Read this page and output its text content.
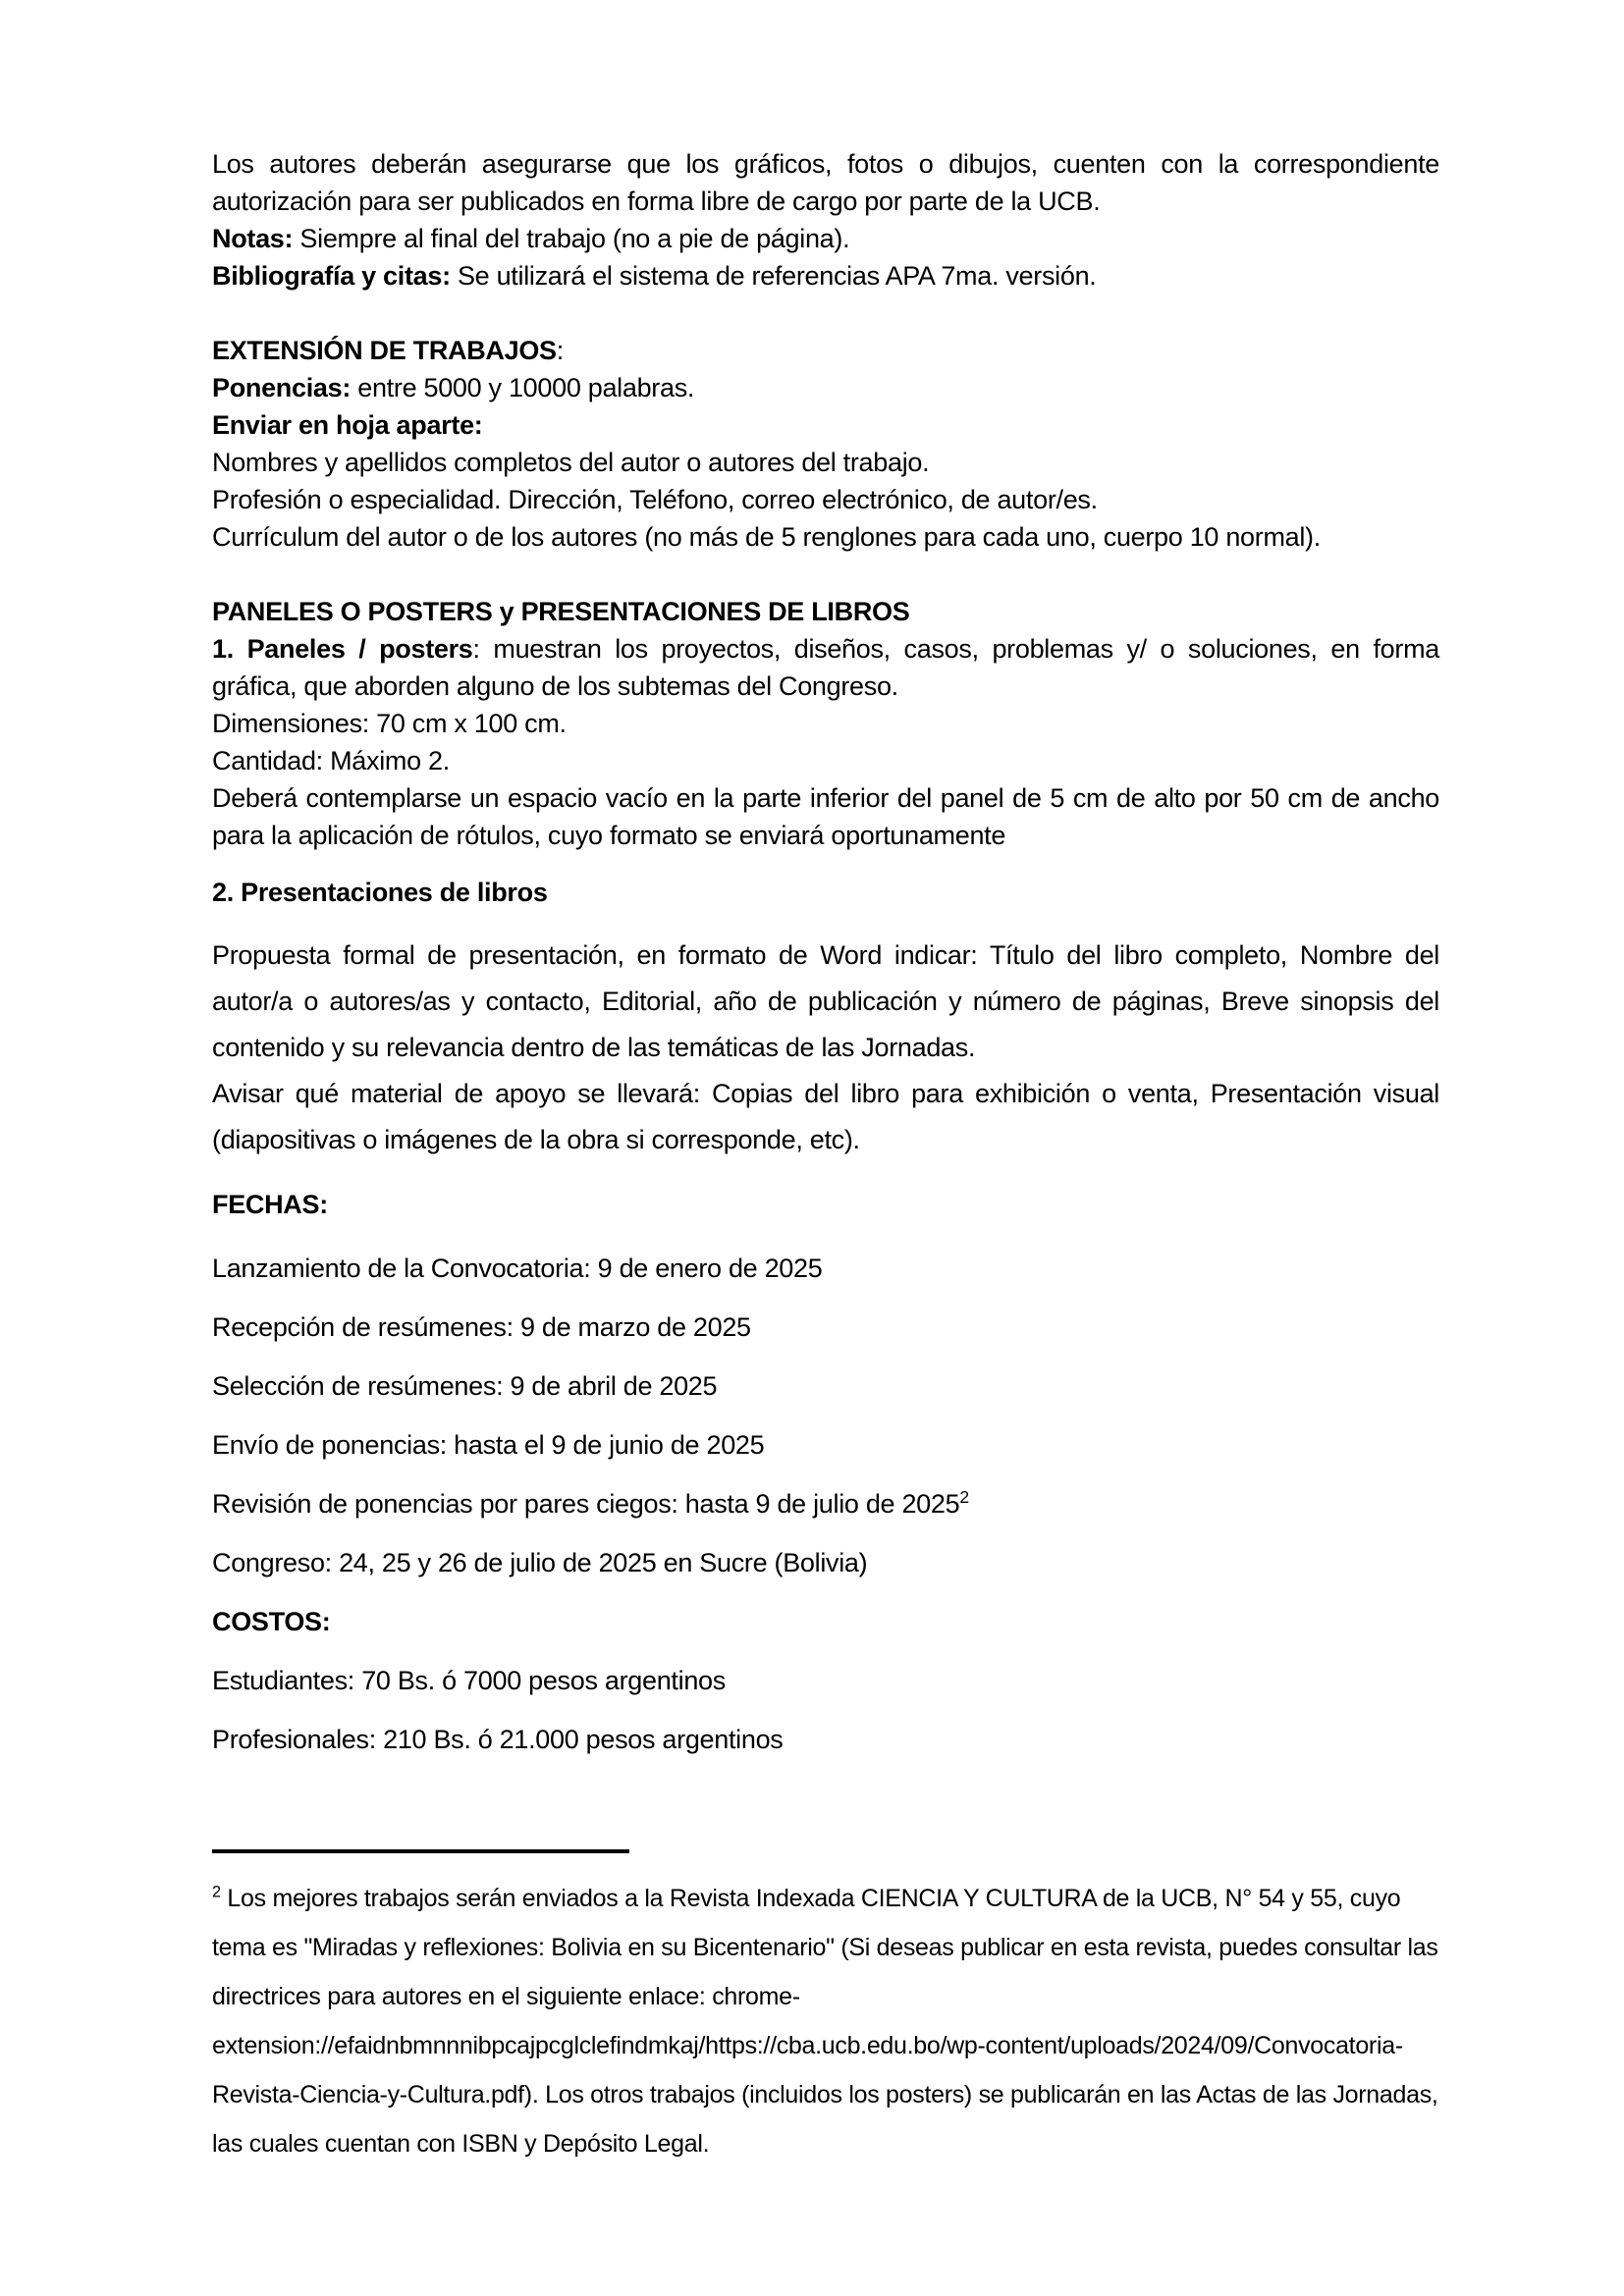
Los autores deberán asegurarse que los gráficos, fotos o dibujos, cuenten con la correspondiente autorización para ser publicados en forma libre de cargo por parte de la UCB.
Notas: Siempre al final del trabajo (no a pie de página).
Bibliografía y citas: Se utilizará el sistema de referencias APA 7ma. versión.
EXTENSIÓN DE TRABAJOS:
Ponencias: entre 5000 y 10000 palabras.
Enviar en hoja aparte:
Nombres y apellidos completos del autor o autores del trabajo.
Profesión o especialidad. Dirección, Teléfono, correo electrónico, de autor/es.
Currículum del autor o de los autores (no más de 5 renglones para cada uno, cuerpo 10 normal).
PANELES O POSTERS y PRESENTACIONES DE LIBROS
1. Paneles / posters: muestran los proyectos, diseños, casos, problemas y/ o soluciones, en forma gráfica, que aborden alguno de los subtemas del Congreso.
Dimensiones: 70 cm x 100 cm.
Cantidad: Máximo 2.
Deberá contemplarse un espacio vacío en la parte inferior del panel de 5 cm de alto por 50 cm de ancho para la aplicación de rótulos, cuyo formato se enviará oportunamente
2. Presentaciones de libros
Propuesta formal de presentación, en formato de Word indicar: Título del libro completo, Nombre del autor/a o autores/as y contacto, Editorial, año de publicación y número de páginas, Breve sinopsis del contenido y su relevancia dentro de las temáticas de las Jornadas.
Avisar qué material de apoyo se llevará: Copias del libro para exhibición o venta, Presentación visual (diapositivas o imágenes de la obra si corresponde, etc).
FECHAS:
Lanzamiento de la Convocatoria: 9 de enero de 2025
Recepción de resúmenes: 9 de marzo de 2025
Selección de resúmenes: 9 de abril de 2025
Envío de ponencias: hasta el 9 de junio de 2025
Revisión de ponencias por pares ciegos: hasta 9 de julio de 2025$^2$
Congreso: 24, 25 y 26 de julio de 2025 en Sucre (Bolivia)
COSTOS:
Estudiantes: 70 Bs. ó 7000 pesos argentinos
Profesionales: 210 Bs. ó 21.000 pesos argentinos
$^2$ Los mejores trabajos serán enviados a la Revista Indexada CIENCIA Y CULTURA de la UCB, N° 54 y 55, cuyo tema es "Miradas y reflexiones: Bolivia en su Bicentenario" (Si deseas publicar en esta revista, puedes consultar las directrices para autores en el siguiente enlace: chrome-extension://efaidnbmnnnibpcajpcglclefindmkaj/https://cba.ucb.edu.bo/wp-content/uploads/2024/09/Convocatoria-Revista-Ciencia-y-Cultura.pdf). Los otros trabajos (incluidos los posters) se publicarán en las Actas de las Jornadas, las cuales cuentan con ISBN y Depósito Legal.
